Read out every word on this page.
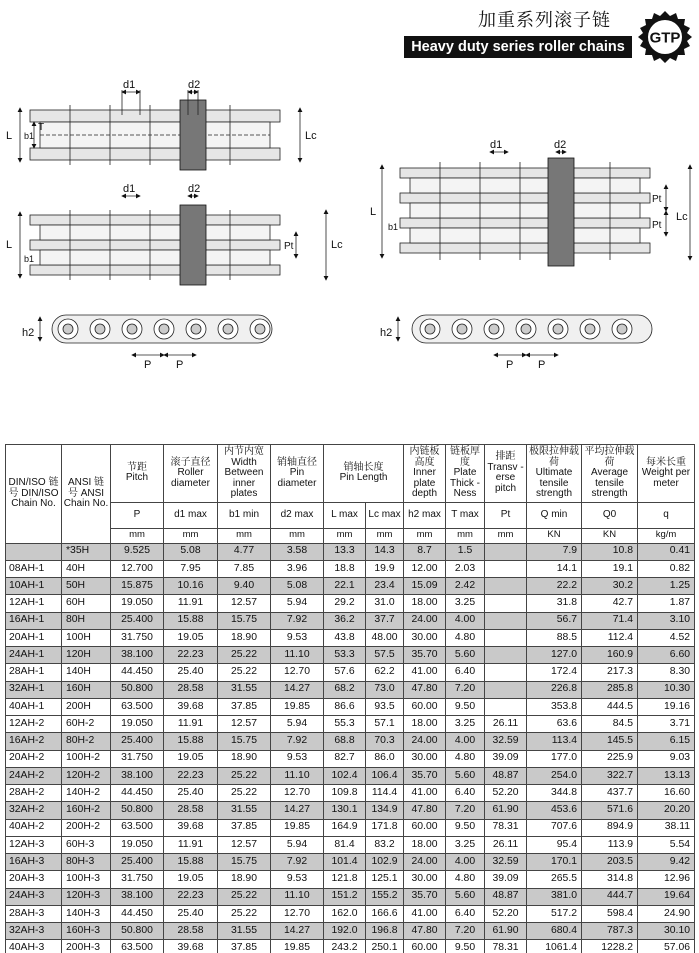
加重系列滚子链
Heavy duty series roller chains
GTP
d1	d2
L b1
T
Lc
d1	d2
L
b1
Pt	Lc
d1	d2
L
b1
Pt
Pt
Lc
h2
P P
h2
P P
DIN/ISO 链号 DIN/ISO Chain No.	ANSI 链号 ANSI Chain No.	节距
Pitch	滚子直径
Roller diameter	内节内宽
Width Between inner plates	销轴直径
Pin diameter	销轴长度
Pin Length		内链板高度
Inner plate depth	链板厚度
Plate Thick -Ness	排距
Transv -erse pitch	极限拉伸载荷
Ultimate tensile strength	平均拉伸载荷
Average tensile strength	每米长重
Weight per meter
		P	d1 max	b1 min	d2 max	L max	Lc max	h2 max	T max	Pt	Q min	Q0	q
		mm	mm	mm	mm	mm	mm	mm	mm	mm	KN	KN	kg/m
	*35H	9.525	5.08	4.77	3.58	13.3	14.3	8.7	1.5		7.9	10.8	0.41
08AH-1	40H	12.700	7.95	7.85	3.96	18.8	19.9	12.00	2.03		14.1	19.1	0.82
10AH-1	50H	15.875	10.16	9.40	5.08	22.1	23.4	15.09	2.42		22.2	30.2	1.25
12AH-1	60H	19.050	11.91	12.57	5.94	29.2	31.0	18.00	3.25		31.8	42.7	1.87
16AH-1	80H	25.400	15.88	15.75	7.92	36.2	37.7	24.00	4.00		56.7	71.4	3.10
20AH-1	100H	31.750	19.05	18.90	9.53	43.8	48.00	30.00	4.80		88.5	112.4	4.52
24AH-1	120H	38.100	22.23	25.22	11.10	53.3	57.5	35.70	5.60		127.0	160.9	6.60
28AH-1	140H	44.450	25.40	25.22	12.70	57.6	62.2	41.00	6.40		172.4	217.3	8.30
32AH-1	160H	50.800	28.58	31.55	14.27	68.2	73.0	47.80	7.20		226.8	285.8	10.30
40AH-1	200H	63.500	39.68	37.85	19.85	86.6	93.5	60.00	9.50		353.8	444.5	19.16
12AH-2	60H-2	19.050	11.91	12.57	5.94	55.3	57.1	18.00	3.25	26.11	63.6	84.5	3.71
16AH-2	80H-2	25.400	15.88	15.75	7.92	68.8	70.3	24.00	4.00	32.59	113.4	145.5	6.15
20AH-2	100H-2	31.750	19.05	18.90	9.53	82.7	86.0	30.00	4.80	39.09	177.0	225.9	9.03
24AH-2	120H-2	38.100	22.23	25.22	11.10	102.4	106.4	35.70	5.60	48.87	254.0	322.7	13.13
28AH-2	140H-2	44.450	25.40	25.22	12.70	109.8	114.4	41.00	6.40	52.20	344.8	437.7	16.60
32AH-2	160H-2	50.800	28.58	31.55	14.27	130.1	134.9	47.80	7.20	61.90	453.6	571.6	20.20
40AH-2	200H-2	63.500	39.68	37.85	19.85	164.9	171.8	60.00	9.50	78.31	707.6	894.9	38.11
12AH-3	60H-3	19.050	11.91	12.57	5.94	81.4	83.2	18.00	3.25	26.11	95.4	113.9	5.54
16AH-3	80H-3	25.400	15.88	15.75	7.92	101.4	102.9	24.00	4.00	32.59	170.1	203.5	9.42
20AH-3	100H-3	31.750	19.05	18.90	9.53	121.8	125.1	30.00	4.80	39.09	265.5	314.8	12.96
24AH-3	120H-3	38.100	22.23	25.22	11.10	151.2	155.2	35.70	5.60	48.87	381.0	444.7	19.64
28AH-3	140H-3	44.450	25.40	25.22	12.70	162.0	166.6	41.00	6.40	52.20	517.2	598.4	24.90
32AH-3	160H-3	50.800	28.58	31.55	14.27	192.0	196.8	47.80	7.20	61.90	680.4	787.3	30.10
40AH-3	200H-3	63.500	39.68	37.85	19.85	243.2	250.1	60.00	9.50	78.31	1061.4	1228.2	57.06
